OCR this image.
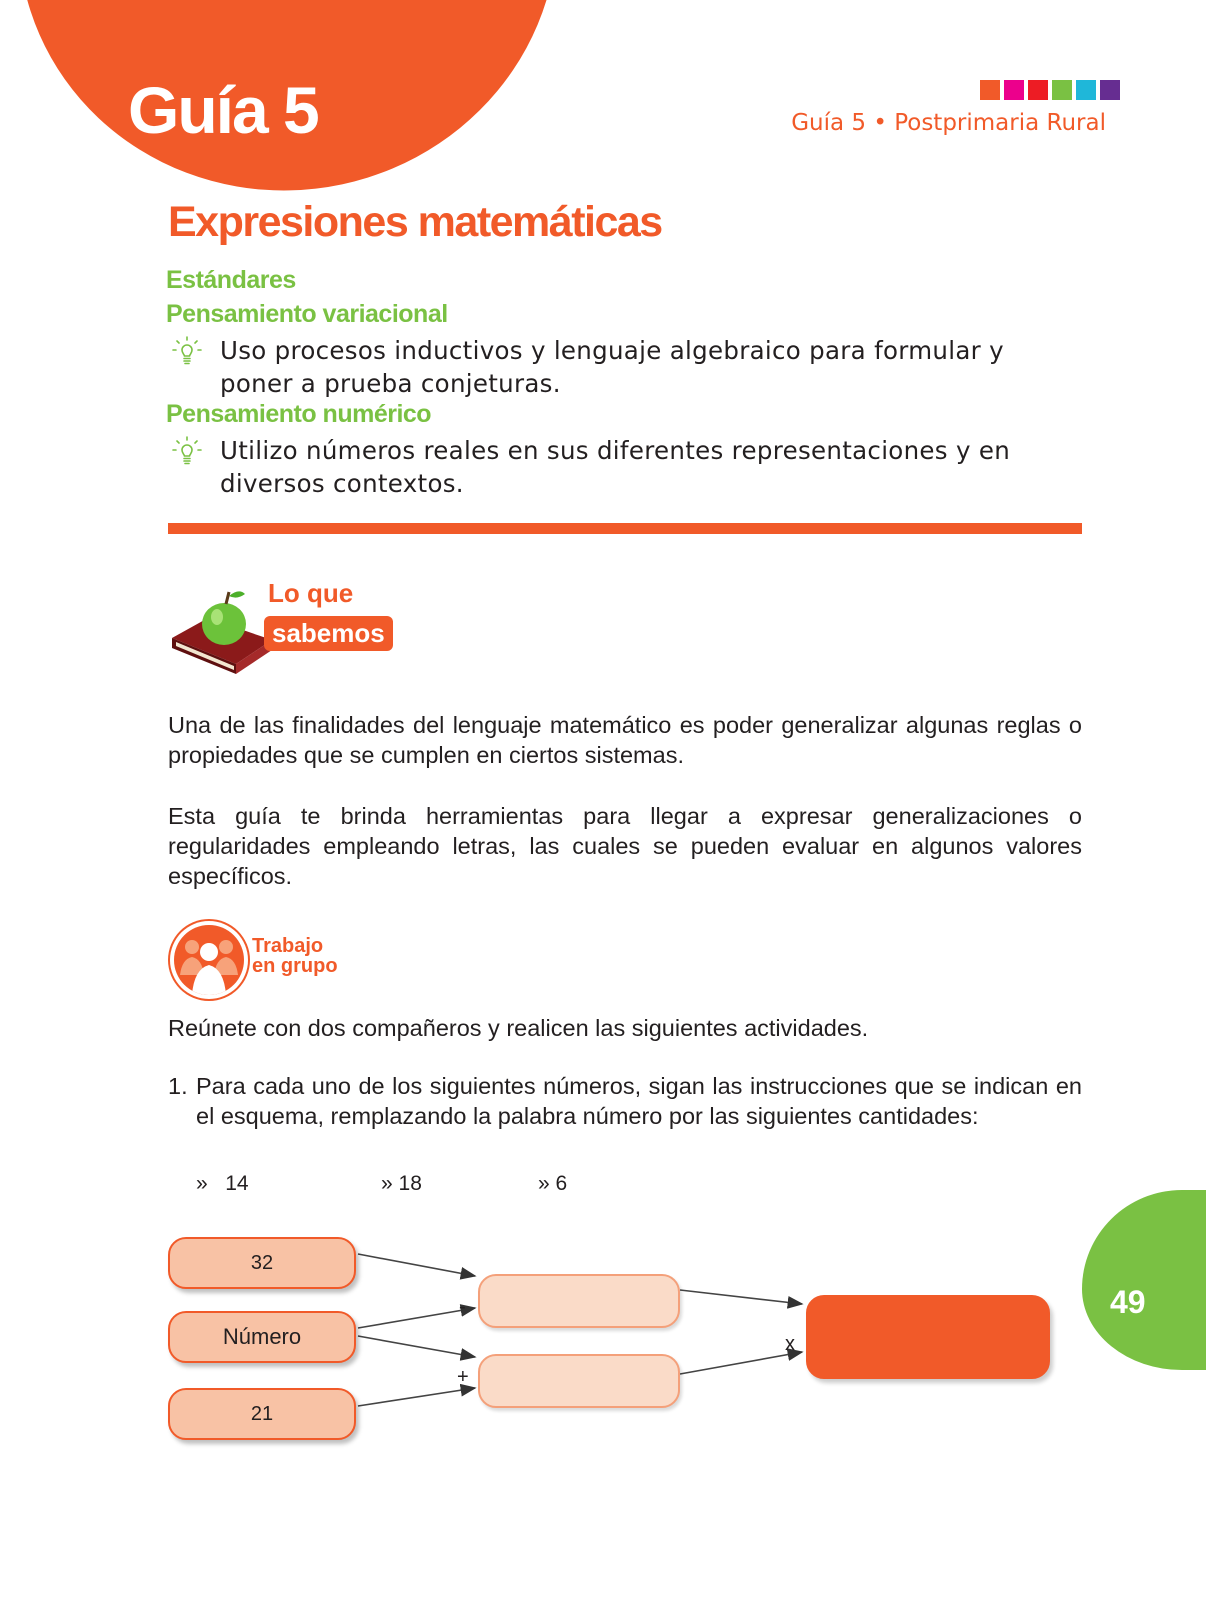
Guía 5	Guía 5 • Postprimaria Rural
Expresiones matemáticas
Estándares
Pensamiento variacional
Uso procesos inductivos y lenguaje algebraico para formular y poner a prueba conjeturas.
Pensamiento numérico
Utilizo números reales en sus diferentes representaciones y en diversos contextos.
Lo que
sabemos
Una de las finalidades del lenguaje matemático es poder generalizar algunas reglas o propiedades que se cumplen en ciertos sistemas.
Esta guía te brinda herramientas para llegar a expresar generalizaciones o regularidades empleando letras, las cuales se pueden evaluar en algunos valores específicos.
Trabajo
en grupo
Reúnete con dos compañeros y realicen las siguientes actividades.
1. Para cada uno de los siguientes números, sigan las instrucciones que se indican en el esquema, remplazando la palabra número por las siguientes cantidades:
» 14	» 18	» 6
32
Número
21
-
+
x
49
